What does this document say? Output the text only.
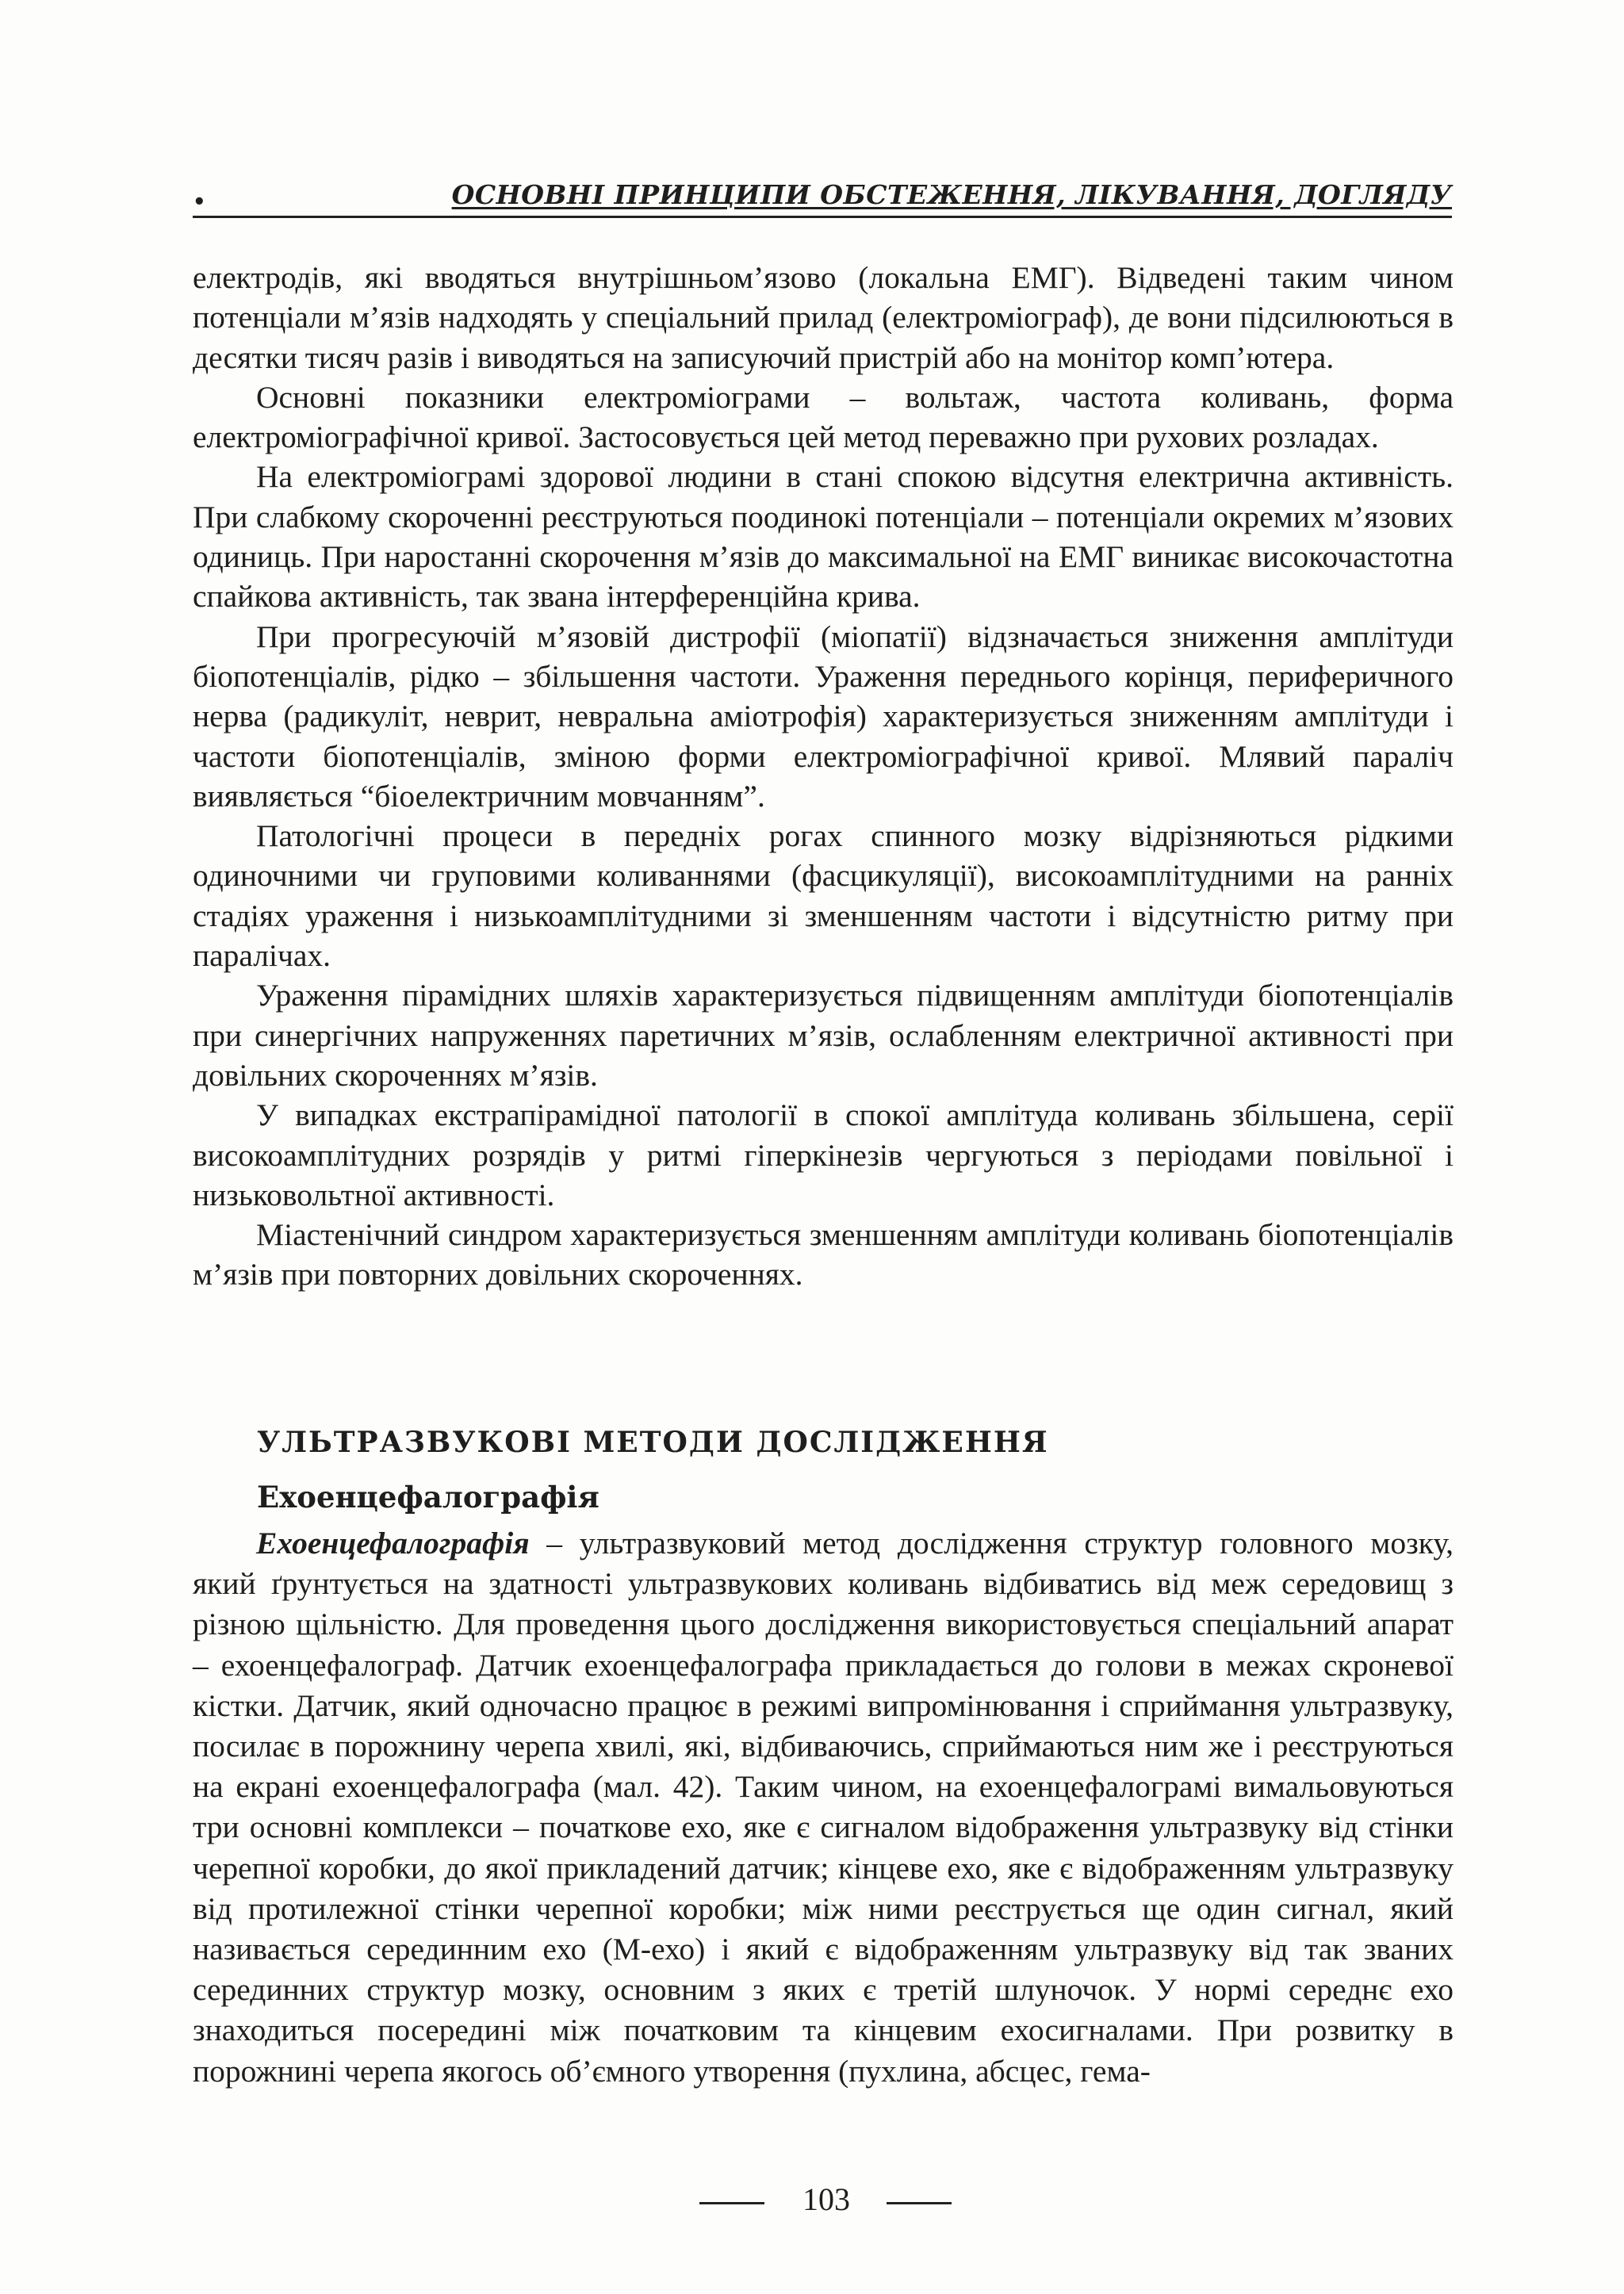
•	ОСНОВНІ ПРИНЦИПИ ОБСТЕЖЕННЯ, ЛІКУВАННЯ, ДОГЛЯДУ

електродів, які вводяться внутрішньом’язово (локальна ЕМГ). Відведені таким чином потенціали м’язів надходять у спеціальний прилад (електроміограф), де вони підсилюються в десятки тисяч разів і виводяться на записуючий пристрій або на монітор комп’ютера.

Основні показники електроміограми – вольтаж, частота коливань, форма електроміографічної кривої. Застосовується цей метод переважно при рухових розладах.

На електроміограмі здорової людини в стані спокою відсутня електрична активність. При слабкому скороченні реєструються поодинокі потенціали – потенціали окремих м’язових одиниць. При наростанні скорочення м’язів до максимальної на ЕМГ виникає високочастотна спайкова активність, так звана інтерференційна крива.

При прогресуючій м’язовій дистрофії (міопатії) відзначається зниження амплітуди біопотенціалів, рідко – збільшення частоти. Ураження переднього корінця, периферичного нерва (радикуліт, неврит, невральна аміотрофія) характеризується зниженням амплітуди і частоти біопотенціалів, зміною форми електроміографічної кривої. Млявий параліч виявляється “біоелектричним мовчанням”.

Патологічні процеси в передніх рогах спинного мозку відрізняються рідкими одиночними чи груповими коливаннями (фасцикуляції), високоамплітудними на ранніх стадіях ураження і низькоамплітудними зі зменшенням частоти і відсутністю ритму при паралічах.

Ураження пірамідних шляхів характеризується підвищенням амплітуди біопотенціалів при синергічних напруженнях паретичних м’язів, ослабленням електричної активності при довільних скороченнях м’язів.

У випадках екстрапірамідної патології в спокої амплітуда коливань збільшена, серії високоамплітудних розрядів у ритмі гіперкінезів чергуються з періодами повільної і низьковольтної активності.

Міастенічний синдром характеризується зменшенням амплітуди коливань біопотенціалів м’язів при повторних довільних скороченнях.

УЛЬТРАЗВУКОВІ МЕТОДИ ДОСЛІДЖЕННЯ
Ехоенцефалографія

Ехоенцефалографія – ультразвуковий метод дослідження структур головного мозку, який ґрунтується на здатності ультразвукових коливань відбиватись від меж середовищ з різною щільністю. Для проведення цього дослідження використовується спеціальний апарат – ехоенцефалограф. Датчик ехоенцефалографа прикладається до голови в межах скроневої кістки. Датчик, який одночасно працює в режимі випромінювання і сприймання ультразвуку, посилає в порожнину черепа хвилі, які, відбиваючись, сприймаються ним же і реєструються на екрані ехоенцефалографа (мал. 42). Таким чином, на ехоенцефалограмі вимальовуються три основні комплекси – початкове ехо, яке є сигналом відображення ультразвуку від стінки черепної коробки, до якої прикладений датчик; кінцеве ехо, яке є відображенням ультразвуку від протилежної стінки черепної коробки; між ними реєструється ще один сигнал, який називається серединним ехо (М-ехо) і який є відображенням ультразвуку від так званих серединних структур мозку, основним з яких є третій шлуночок. У нормі середнє ехо знаходиться посередині між початковим та кінцевим ехосигналами. При розвитку в порожнині черепа якогось об’ємного утворення (пухлина, абсцес, гема-

103
